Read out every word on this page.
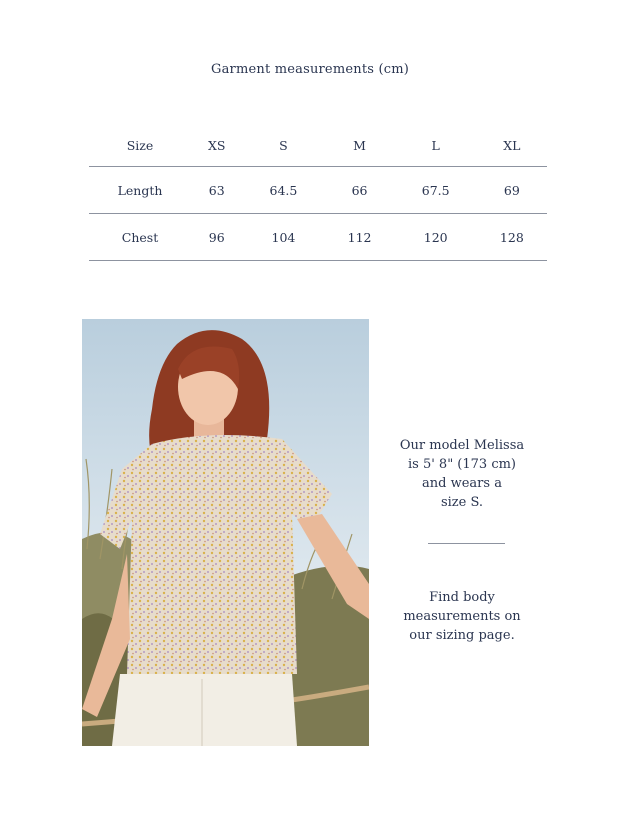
Garment measurements (cm)
Size	XS	S	M	L	XL
Length	63	64.5	66	67.5	69
Chest	96	104	112	120	128
Our model Melissa
is 5' 8" (173 cm)
and wears a
size S.
Find body
measurements on
our sizing page.
